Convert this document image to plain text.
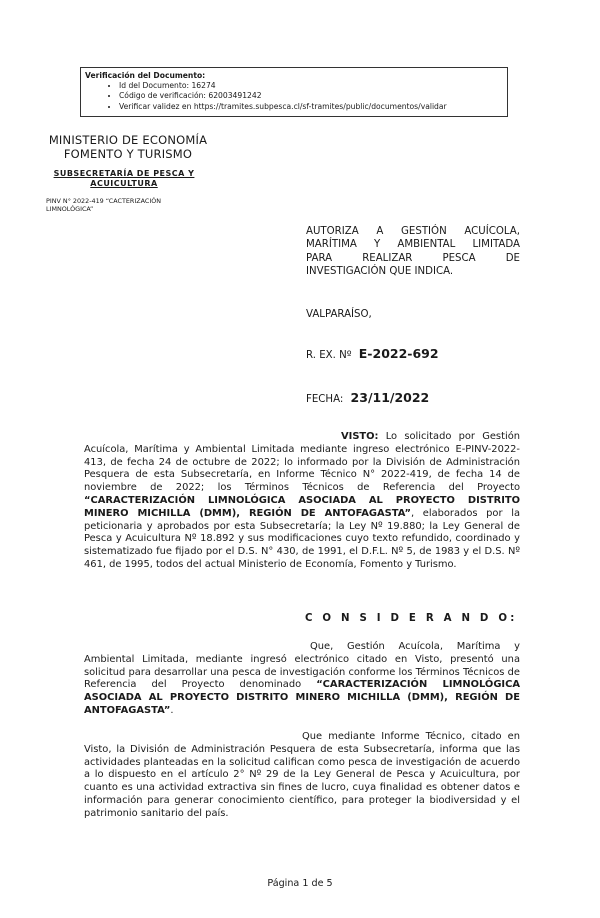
Verificación del Documento:
• Id del Documento: 16274
• Código de verificación: 62003491242
• Verificar validez en https://tramites.subpesca.cl/sf-tramites/public/documentos/validar
MINISTERIO DE ECONOMÍA
FOMENTO Y TURISMO
SUBSECRETARÍA DE PESCA Y
ACUICULTURA
PINV N° 2022-419 “CACTERIZACIÓN
LIMNOLÓGICA”
AUTORIZA A GESTIÓN ACUÍCOLA,
MARÍTIMA Y AMBIENTAL LIMITADA
PARA REALIZAR PESCA DE
INVESTIGACIÓN QUE INDICA.
VALPARAÍSO,
R. EX. Nº E-2022-692
FECHA: 23/11/2022
VISTO: Lo solicitado por Gestión Acuícola, Marítima y Ambiental Limitada mediante ingreso electrónico E-PINV-2022-413, de fecha 24 de octubre de 2022; lo informado por la División de Administración Pesquera de esta Subsecretaría, en Informe Técnico N° 2022-419, de fecha 14 de noviembre de 2022; los Términos Técnicos de Referencia del Proyecto “CARACTERIZACIÓN LIMNOLÓGICA ASOCIADA AL PROYECTO DISTRITO MINERO MICHILLA (DMM), REGIÓN DE ANTOFAGASTA”, elaborados por la peticionaria y aprobados por esta Subsecretaría; la Ley Nº 19.880; la Ley General de Pesca y Acuicultura Nº 18.892 y sus modificaciones cuyo texto refundido, coordinado y sistematizado fue fijado por el D.S. N° 430, de 1991, el D.F.L. Nº 5, de 1983 y el D.S. Nº 461, de 1995, todos del actual Ministerio de Economía, Fomento y Turismo.
C O N S I D E R A N D O:
Que, Gestión Acuícola, Marítima y Ambiental Limitada, mediante ingresó electrónico citado en Visto, presentó una solicitud para desarrollar una pesca de investigación conforme los Términos Técnicos de Referencia del Proyecto denominado “CARACTERIZACIÓN LIMNOLÓGICA ASOCIADA AL PROYECTO DISTRITO MINERO MICHILLA (DMM), REGIÓN DE ANTOFAGASTA”.
Que mediante Informe Técnico, citado en Visto, la División de Administración Pesquera de esta Subsecretaría, informa que las actividades planteadas en la solicitud califican como pesca de investigación de acuerdo a lo dispuesto en el artículo 2° Nº 29 de la Ley General de Pesca y Acuicultura, por cuanto es una actividad extractiva sin fines de lucro, cuya finalidad es obtener datos e información para generar conocimiento científico, para proteger la biodiversidad y el patrimonio sanitario del país.
Página 1 de 5
